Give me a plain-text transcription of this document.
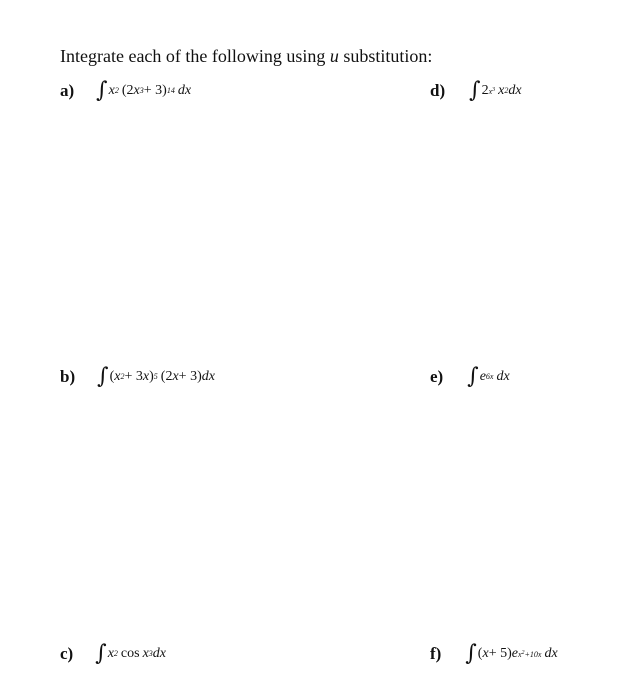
Integrate each of the following using u substitution:
a) ∫ x 2 (2 x 3 + 3) 14 dx	d) ∫ 2 $x^3$ x 2 dx
b) ∫ ( x 2 + 3 x ) 5 (2 x + 3) dx	e) ∫ e 6x dx
c) ∫ x 2 cos x 3 dx	f) ∫ ( x + 5) e $x^2+10x$ dx
